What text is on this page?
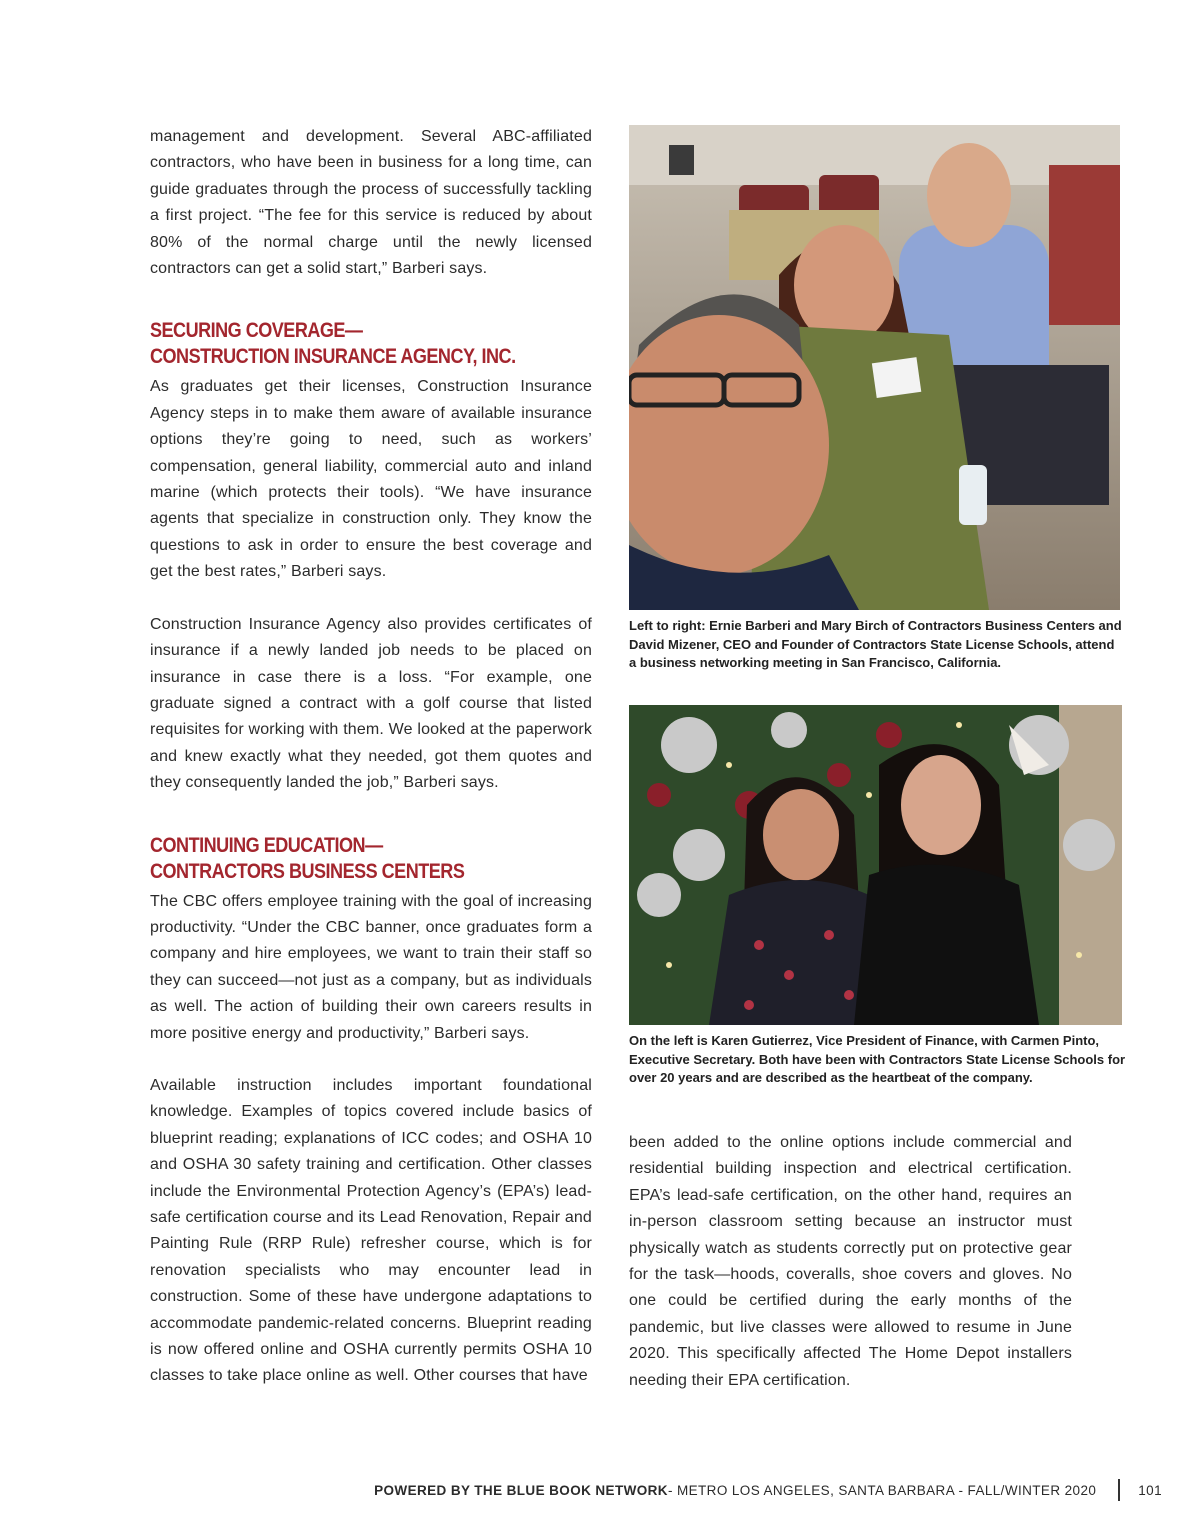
management and development. Several ABC-affiliated contractors, who have been in business for a long time, can guide graduates through the process of successfully tackling a first project. “The fee for this service is reduced by about 80% of the normal charge until the newly licensed contractors can get a solid start,” Barberi says.

SECURING COVERAGE—
CONSTRUCTION INSURANCE AGENCY, INC.

As graduates get their licenses, Construction Insurance Agency steps in to make them aware of available insurance options they’re going to need, such as workers’ compensation, general liability, commercial auto and inland marine (which protects their tools). “We have insurance agents that specialize in construction only. They know the questions to ask in order to ensure the best coverage and get the best rates,” Barberi says.

Construction Insurance Agency also provides certificates of insurance if a newly landed job needs to be placed on insurance in case there is a loss. “For example, one graduate signed a contract with a golf course that listed requisites for working with them. We looked at the paperwork and knew exactly what they needed, got them quotes and they consequently landed the job,” Barberi says.

CONTINUING EDUCATION—
CONTRACTORS BUSINESS CENTERS

The CBC offers employee training with the goal of increasing productivity. “Under the CBC banner, once graduates form a company and hire employees, we want to train their staff so they can succeed—not just as a company, but as individuals as well. The action of building their own careers results in more positive energy and productivity,” Barberi says.

Available instruction includes important foundational knowledge. Examples of topics covered include basics of blueprint reading; explanations of ICC codes; and OSHA 10 and OSHA 30 safety training and certification. Other classes include the Environmental Protection Agency’s (EPA’s) lead-safe certification course and its Lead Renovation, Repair and Painting Rule (RRP Rule) refresher course, which is for renovation specialists who may encounter lead in construction. Some of these have undergone adaptations to accommodate pandemic-related concerns. Blueprint reading is now offered online and OSHA currently permits OSHA 10 classes to take place online as well. Other courses that have

Left to right: Ernie Barberi and Mary Birch of Contractors Business Centers and David Mizener, CEO and Founder of Contractors State License Schools, attend a business networking meeting in San Francisco, California.

On the left is Karen Gutierrez, Vice President of Finance, with Carmen Pinto, Executive Secretary. Both have been with Contractors State License Schools for over 20 years and are described as the heartbeat of the company.

been added to the online options include commercial and residential building inspection and electrical certification. EPA’s lead-safe certification, on the other hand, requires an in-person classroom setting because an instructor must physically watch as students correctly put on protective gear for the task—hoods, coveralls, shoe covers and gloves. No one could be certified during the early months of the pandemic, but live classes were allowed to resume in June 2020. This specifically affected The Home Depot installers needing their EPA certification.

POWERED BY THE BLUE BOOK NETWORK - METRO LOS ANGELES, SANTA BARBARA - FALL/WINTER 2020	101
